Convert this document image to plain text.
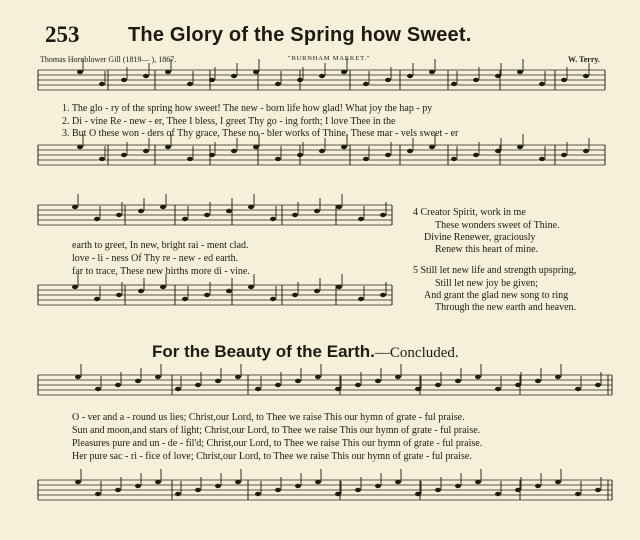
253 The Glory of the Spring how Sweet.
Thomas Hornblower Gill (1819— ), 1867.	"BURNHAM MARKET."	W. Terry.
1. The glo - ry of the spring how sweet! The new - born life how glad! What joy the hap - py
2. Di - vine Re - new - er, Thee I bless, I greet Thy go - ing forth; I love Thee in the
3. But O these won - ders of Thy grace, These no - bler works of Thine, These mar - vels sweet - er
earth to greet, In new, bright rai - ment clad.
love - li - ness Of Thy re - new - ed earth.
far to trace, These new births more di - vine.
4 Creator Spirit, work in me
These wonders sweet of Thine.
Divine Renewer, graciously
Renew this heart of mine.
5 Still let new life and strength upspring,
Still let new joy be given;
And grant the glad new song to ring
Through the new earth and heaven.
For the Beauty of the Earth.—Concluded.
O - ver and a - round us lies; Christ,our Lord, to Thee we raise This our hymn of grate - ful praise.
Sun and moon,and stars of light; Christ,our Lord, to Thee we raise This our hymn of grate - ful praise.
Pleasures pure and un - de - fil'd; Christ,our Lord, to Thee we raise This our hymn of grate - ful praise.
Her pure sac - ri - fice of love; Christ,our Lord, to Thee we raise This our hymn of grate - ful praise.
